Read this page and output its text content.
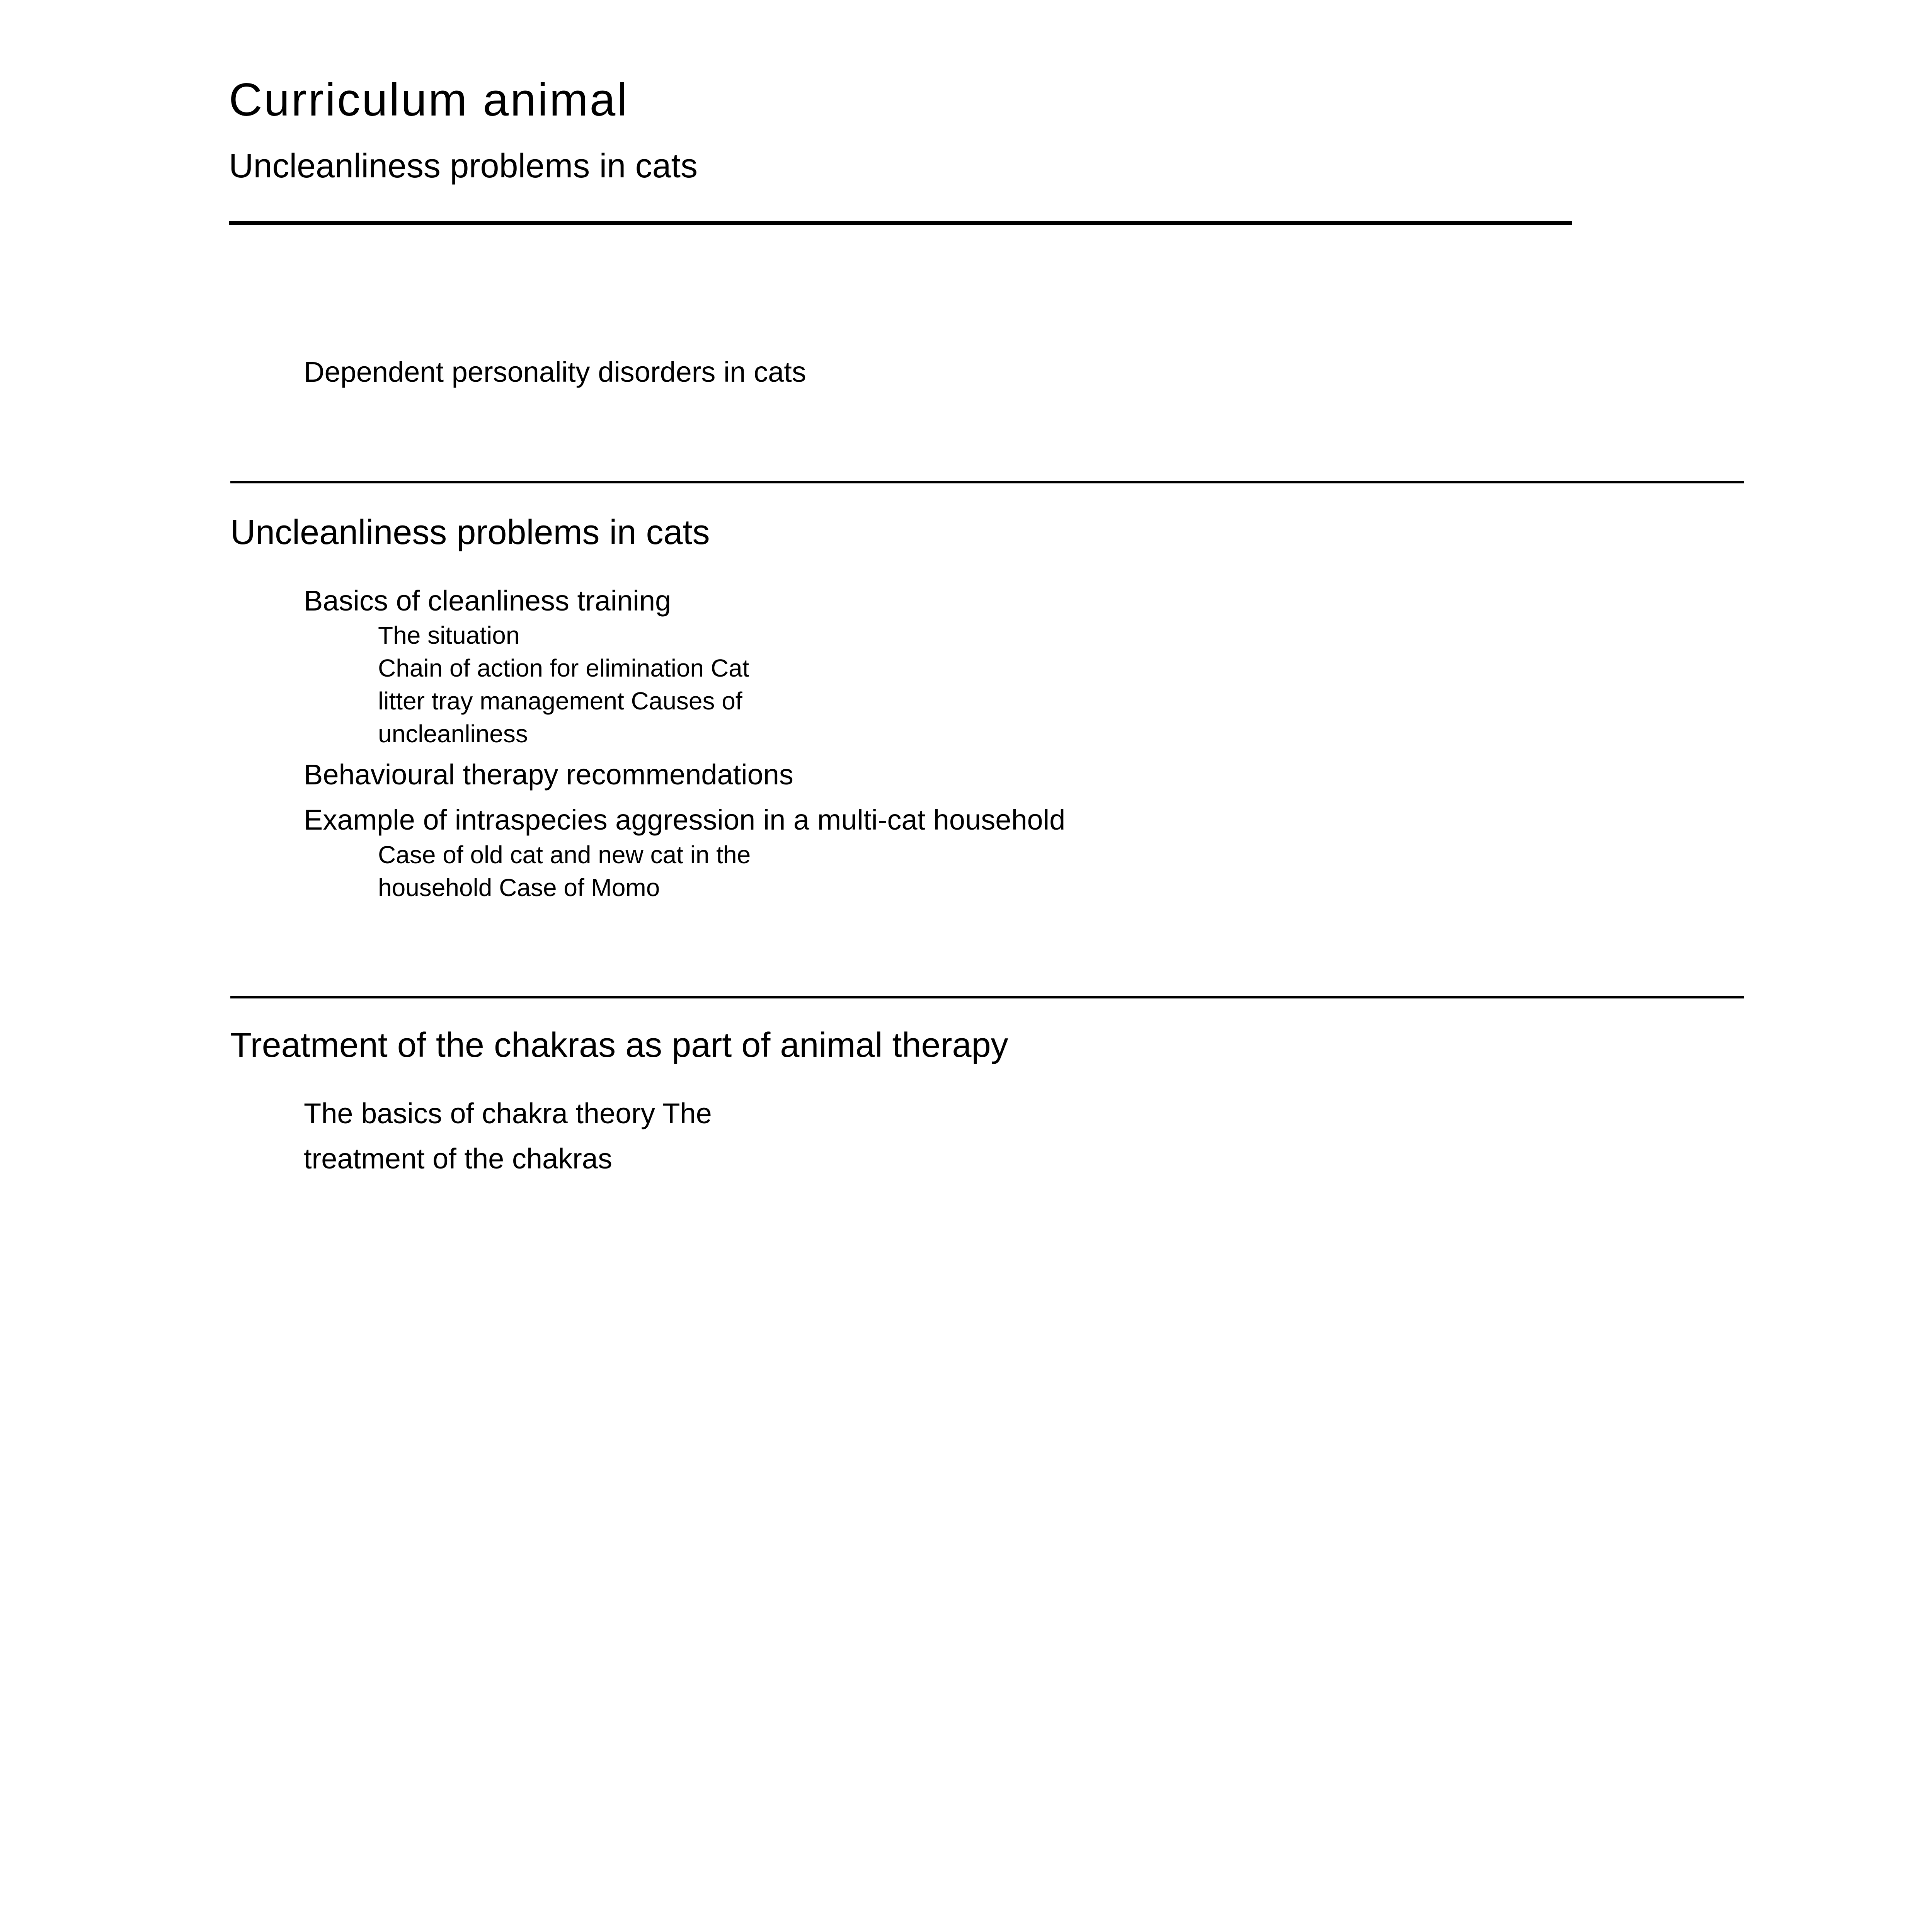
Curriculum animal
Uncleanliness problems in cats
Dependent personality disorders in cats
Uncleanliness problems in cats
Basics of cleanliness training
The situation
Chain of action for elimination Cat
litter tray management Causes of
uncleanliness
Behavioural therapy recommendations
Example of intraspecies aggression in a multi-cat household
Case of old cat and new cat in the
household Case of Momo
Treatment of the chakras as part of animal therapy
The basics of chakra theory The
treatment of the chakras
